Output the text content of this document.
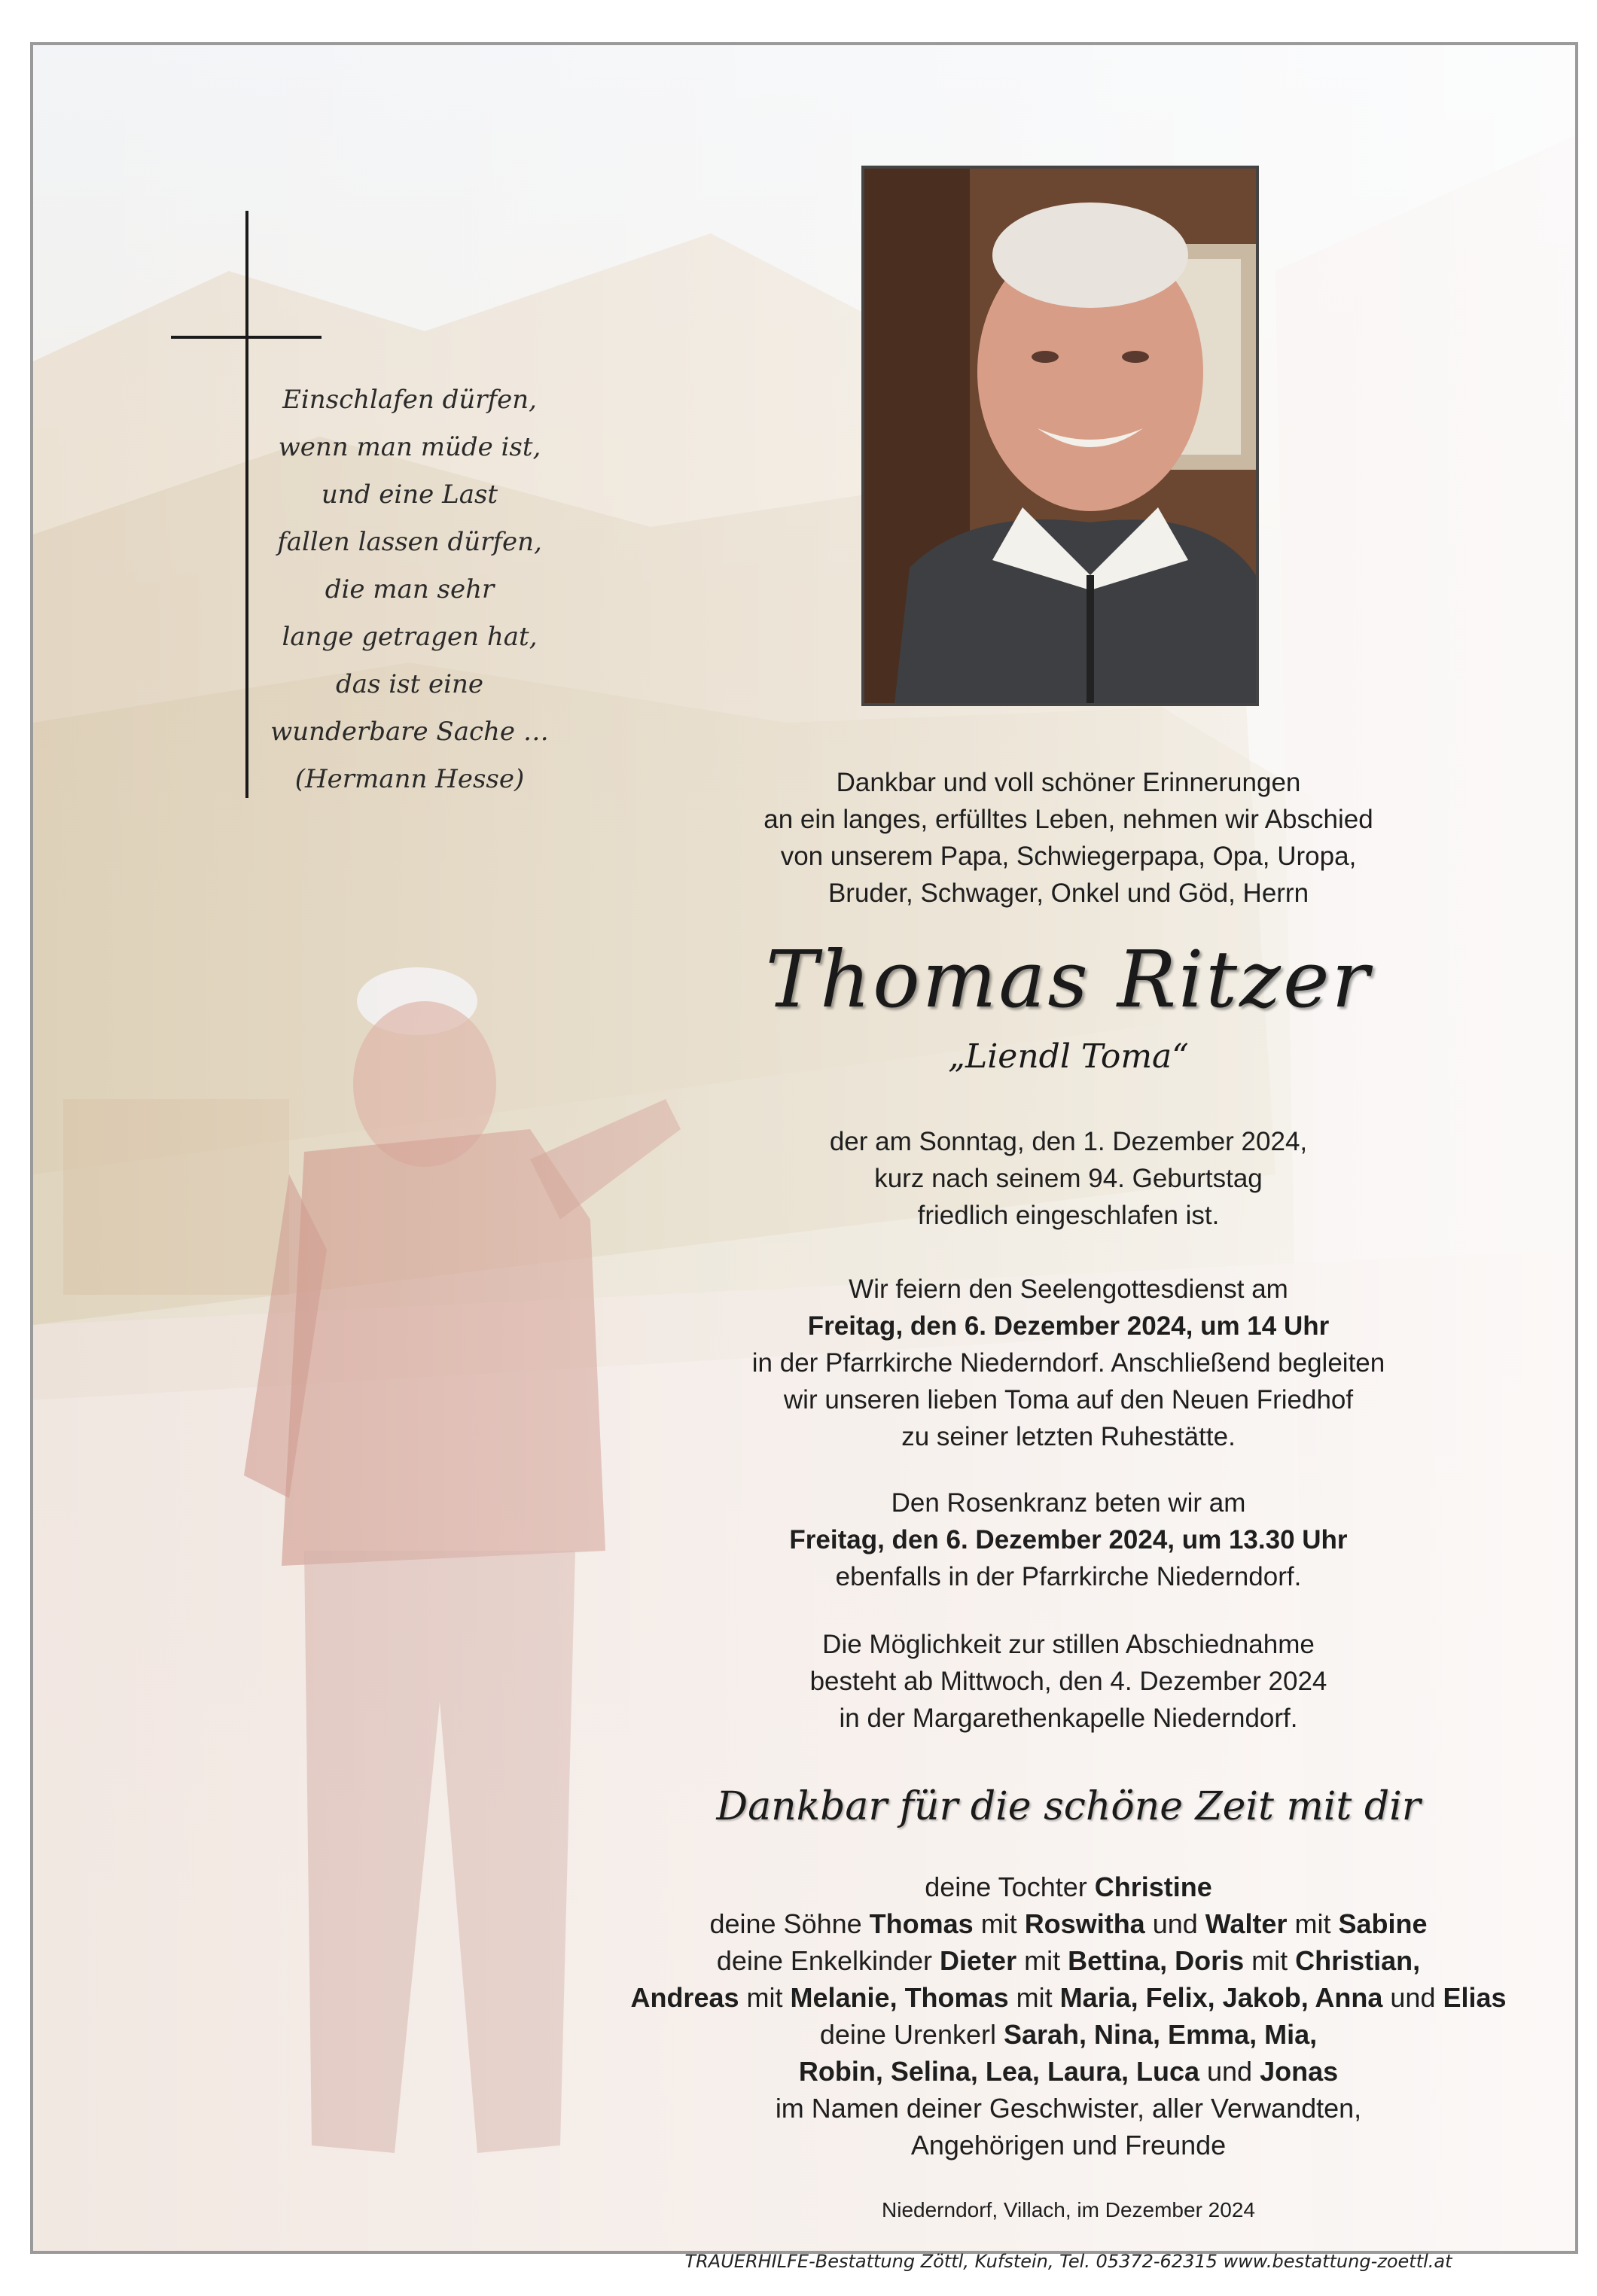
Einschlafen dürfen,
wenn man müde ist,
und eine Last
fallen lassen dürfen,
die man sehr
lange getragen hat,
das ist eine
wunderbare Sache …
(Hermann Hesse)	Dankbar und voll schöner Erinnerungen

an ein langes, erfülltes Leben, nehmen wir Abschied

von unserem Papa, Schwiegerpapa, Opa, Uropa,

Bruder, Schwager, Onkel und Göd, Herrn

Thomas Ritzer
„Liendl Toma“

der am Sonntag, den 1. Dezember 2024,

kurz nach seinem 94. Geburtstag

friedlich eingeschlafen ist.

Wir feiern den Seelengottesdienst am

Freitag, den 6. Dezember 2024, um 14 Uhr

in der Pfarrkirche Niederndorf. Anschließend begleiten

wir unseren lieben Toma auf den Neuen Friedhof

zu seiner letzten Ruhestätte.

Den Rosenkranz beten wir am

Freitag, den 6. Dezember 2024, um 13.30 Uhr

ebenfalls in der Pfarrkirche Niederndorf.

Die Möglichkeit zur stillen Abschiednahme

besteht ab Mittwoch, den 4. Dezember 2024

in der Margarethenkapelle Niederndorf.

Dankbar für die schöne Zeit mit dir
deine Tochter Christine
deine Söhne Thomas mit Roswitha und Walter mit Sabine
deine Enkelkinder Dieter mit Bettina, Doris mit Christian,
Andreas mit Melanie, Thomas mit Maria, Felix, Jakob, Anna und Elias
deine Urenkerl Sarah, Nina, Emma, Mia,
Robin, Selina, Lea, Laura, Luca und Jonas
im Namen deiner Geschwister, aller Verwandten,
Angehörigen und Freunde
Niederndorf, Villach, im Dezember 2024
TRAUERHILFE-Bestattung Zöttl, Kufstein, Tel. 05372-62315 www.bestattung-zoettl.at
